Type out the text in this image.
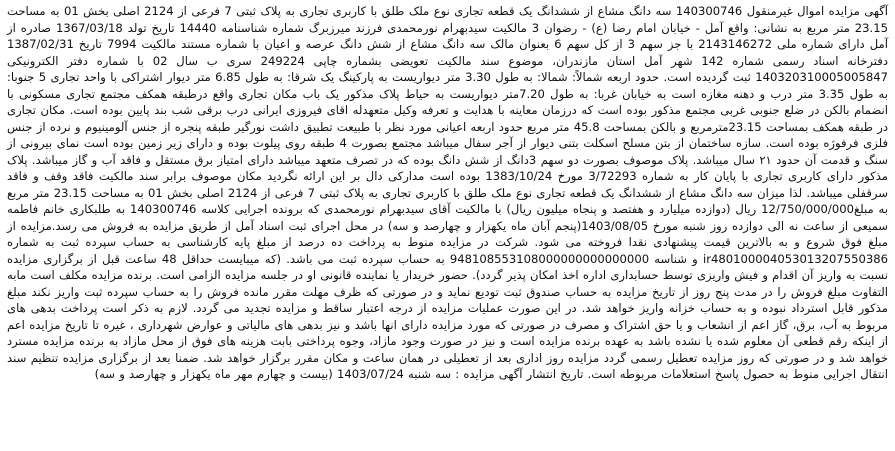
آگهی مزایده اموال غیرمنقول 140300746 سه دانگ مشاع از ششدانگ یک قطعه تجاری نوع ملک طلق با کاربری تجاری به پلاک ثبتی 7 فرعی از 2124 اصلی بخش 01 به مساحت 23.15 متر مربع به نشانی: واقع آمل - خیابان امام رضا (ع) - رضوان 3 مالکیت سیدبهرام نورمحمدی فرزند میرزبرگ شماره شناسنامه 14440 تاریخ تولد 1367/03/18 صادره از آمل دارای شماره ملی 2143146272 با جز سهم 3 از کل سهم 6 بعنوان مالک سه دانگ مشاع از شش دانگ عرصه و اعیان با شماره مستند مالکیت 7994 تاریخ 1387/02/31 دفترخانه اسناد رسمی شماره 142 شهر آمل استان مازندران، موضوع سند مالکیت تعویضی بشماره چاپی 249224 سری ب سال 02 با شماره دفتر الکترونیکی 140320310005005847 ثبت گردیده است. حدود اربعه شمالاً: شمالا: به طول 3.30 متر دیواریست به پارکینگ یک شرقا: به طول 6.85 متر دیوار اشتراکی با واحد تجاری 5 جنوبا: به طول 3.35 متر درب و دهنه مغازه است به خیابان غربا: به طول 7.20متر دیواریست به حیاط پلاک مذکور یک باب مکان تجاری واقع درطبقه همکف مجتمع تجاری مسکونی با انضمام بالکن در ضلع جنوبی غربی مجتمع مذکور بوده است که درزمان معاینه با هدایت و تعرفه وکیل متعهدله اقای فیروزی ایرانی درب برقی شب بند پایین بوده است. مکان تجاری در طبقه همکف بمساحت 23.15مترمربع و بالکن بمساحت 45.8 متر مربع حدود اربعه اعیانی مورد نظر با طبیعت تطبیق داشت نورگیر طبقه پنجره از جنس آلومینیوم و نرده از جنس فلزی فرفوژه بوده است. سازه ساختمان از بتن مسلح اسکلت بتنی دیوار از آجر سفال میباشد مجتمع بصورت 4 طبقه روی پیلوت بوده و دارای زیر زمین بوده است نمای بیرونی از سنگ و قدمت آن حدود ۲۱ سال میباشد. پلاک موصوف بصورت دو سهم 3دانگ از شش دانگ بوده که در تصرف متعهد میباشد دارای امتیاز برق مستقل و فاقد آب و گاز میباشد. پلاک مذکور دارای کاربری تجاری با پایان کار به شماره 3/72293 مورخ 1383/10/24 بوده است مدارکی دال بر این ارائه نگردید مکان موصوف برابر سند مالکیت فاقد وقف و فاقد سرقفلی میباشد. لذا میزان سه دانگ مشاع از ششدانگ یک قطعه تجاری نوع ملک طلق با کاربری تجاری به پلاک ثبتی 7 فرعی از 2124 اصلی بخش 01 به مساحت 23.15 متر مربع به مبلغ12/750/000/000 ریال (دوازده میلیارد و هفتصد و پنجاه میلیون ریال) با مالکیت آقای سیدبهرام نورمحمدی که برونده اجرایی کلاسه 140300746 به طلبکاری خانم فاطمه سمیعی از ساعت نه الی دوازده روز شنبه مورخ 1403/08/05(پنجم آبان ماه یکهزار و چهارصد و سه) در محل اجرای ثبت اسناد آمل از طریق مزایده به فروش می رسد.مزایده از مبلغ فوق شروع و به بالاترین قیمت پیشنهادی نقدا فروخته می شود. شرکت در مزایده منوط به پرداخت ده درصد از مبلغ پایه کارشناسی به حساب سپرده ثبت به شماره ir480100004053013207550386 و شناسه 948108553108000000000000000 به حساب سپرده ثبت می باشد. (که میبایست حداقل 48 ساعت قبل از برگزاری مزایده نسبت به واریز آن اقدام و فیش واریزی توسط حسابداری اداره اخذ امکان پذیر گردد). حضور خریدار یا نماینده قانونی او در جلسه مزایده الزامی است. برنده مزایده مکلف است مابه التفاوت مبلغ فروش را در مدت پنج روز از تاریخ مزایده به حساب صندوق ثبت تودیع نماید و در صورتی که ظرف مهلت مقرر مانده فروش را به حساب سپرده ثبت واریز نکند مبلغ مذکور قابل استرداد نبوده و به حساب خزانه واریز خواهد شد. در این صورت عملیات مزایده از درجه اعتبار ساقط و مزایده تجدید می گردد. لازم به ذکر است پرداخت بدهی های مربوط به آب، برق، گاز اعم از انشعاب و یا حق اشتراک و مصرف در صورتی که مورد مزایده دارای انها باشد و نیز بدهی های مالیاتی و عوارض شهرداری ، غیره تا تاریخ مزایده اعم از اینکه رقم قطعی آن معلوم شده یا نشده باشد به عهده برنده مزایده است و نیز در صورت وجود مازاد، وجوه پرداختی بابت هزینه های فوق از محل مازاد به برنده مزایده مسترد خواهد شد و در صورتی که روز مزایده تعطیل رسمی گردد مزایده روز اداری بعد از تعطیلی در همان ساعت و مکان مقرر برگزار خواهد شد. ضمنا بعد از برگزاری مزایده تنظیم سند انتقال اجرایی منوط به حصول پاسخ استعلامات مربوطه است. تاریخ انتشار آگهی مزایده : سه شنبه 1403/07/24 (بیست و چهارم مهر ماه یکهزار و چهارصد و سه)
